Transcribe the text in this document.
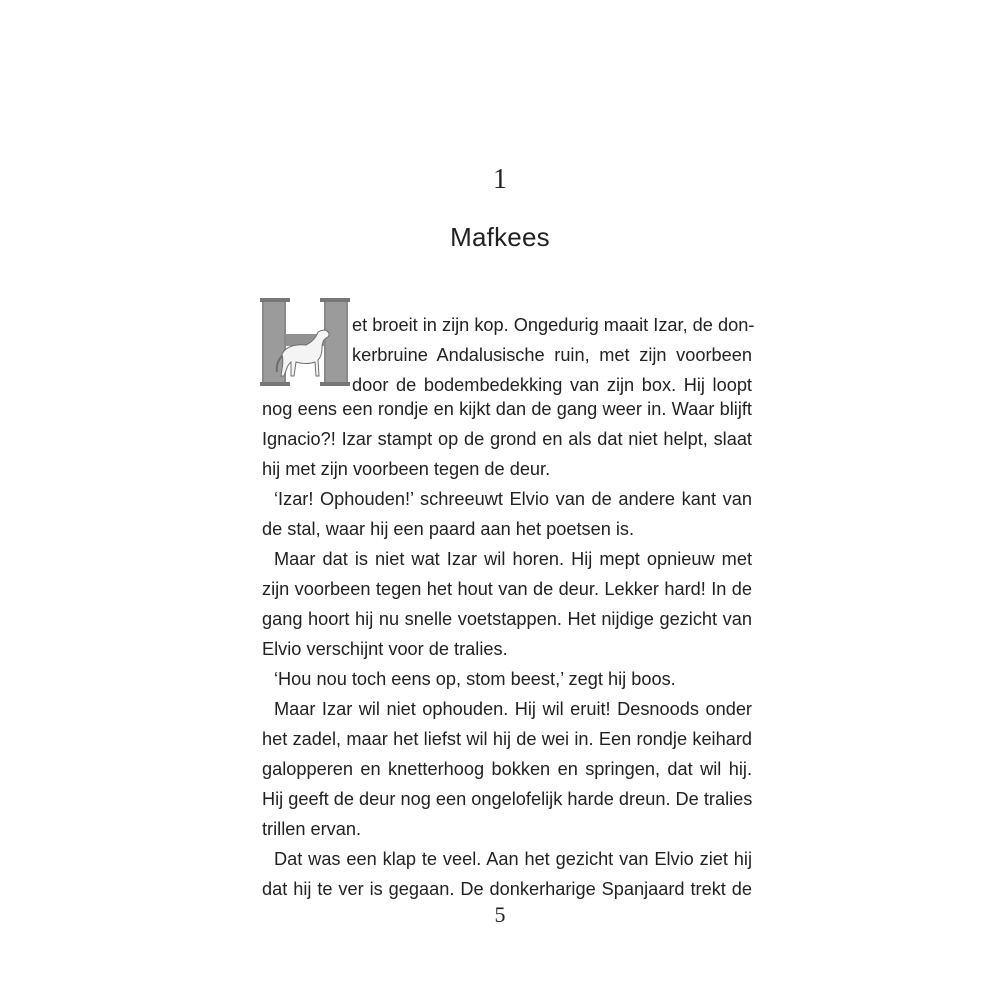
1
Mafkees
et broeit in zijn kop. Ongedurig maait Izar, de don-
kerbruine Andalusische ruin, met zijn voorbeen
door de bodembedekking van zijn box. Hij loopt
nog eens een rondje en kijkt dan de gang weer in. Waar blijft
Ignacio?! Izar stampt op de grond en als dat niet helpt, slaat
hij met zijn voorbeen tegen de deur.
‘Izar! Ophouden!’ schreeuwt Elvio van de andere kant van
de stal, waar hij een paard aan het poetsen is.
Maar dat is niet wat Izar wil horen. Hij mept opnieuw met
zijn voorbeen tegen het hout van de deur. Lekker hard! In de
gang hoort hij nu snelle voetstappen. Het nijdige gezicht van
Elvio verschijnt voor de tralies.
‘Hou nou toch eens op, stom beest,’ zegt hij boos.
Maar Izar wil niet ophouden. Hij wil eruit! Desnoods onder
het zadel, maar het liefst wil hij de wei in. Een rondje keihard
galopperen en knetterhoog bokken en springen, dat wil hij.
Hij geeft de deur nog een ongelofelijk harde dreun. De tralies
trillen ervan.
Dat was een klap te veel. Aan het gezicht van Elvio ziet hij
dat hij te ver is gegaan. De donkerharige Spanjaard trekt de
5
